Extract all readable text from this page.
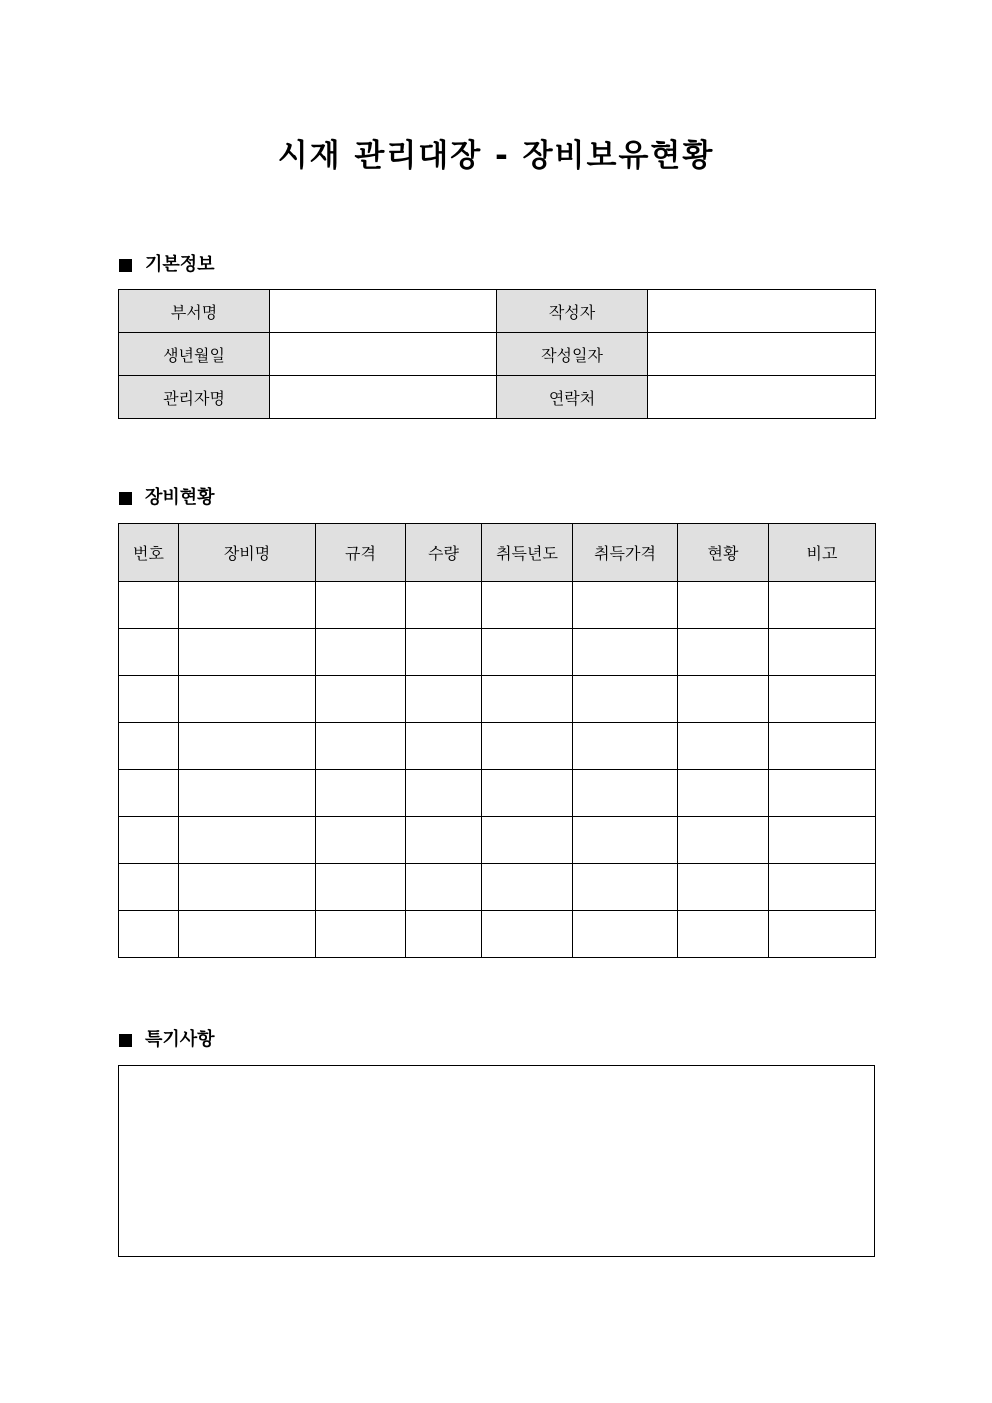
시재 관리대장 - 장비보유현황
기본정보
부서명		작성자	
생년월일		작성일자	
관리자명		연락처	
장비현황
번호	장비명	규격	수량	취득년도	취득가격	현황	비고

특기사항
